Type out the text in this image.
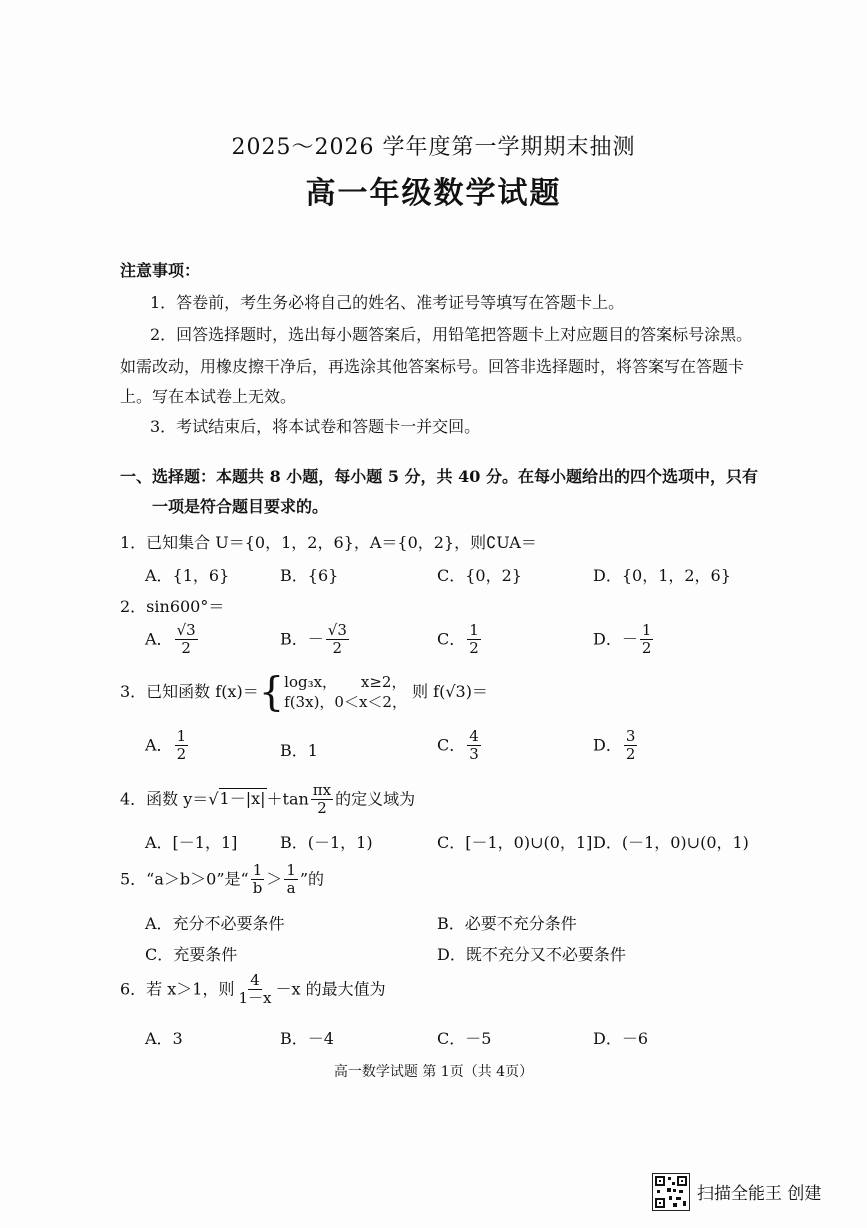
2025～2026 学年度第一学期期末抽测
高一年级数学试题
注意事项：
1．答卷前，考生务必将自己的姓名、准考证号等填写在答题卡上。
2．回答选择题时，选出每小题答案后，用铅笔把答题卡上对应题目的答案标号涂黑。
如需改动，用橡皮擦干净后，再选涂其他答案标号。回答非选择题时，将答案写在答题卡
上。写在本试卷上无效。
3．考试结束后，将本试卷和答题卡一并交回。
一、选择题：本题共 8 小题，每小题 5 分，共 40 分。在每小题给出的四个选项中，只有
一项是符合题目要求的。
1．已知集合 U＝{0，1，2，6}，A＝{0，2}，则∁UA＝
A．{1，6}	B．{6}	C．{0，2}	D．{0，1，2，6}
2．sin600°＝
A． $\frac{√3}{2}$	B．－ $\frac{√3}{2}$	C． $\frac{1}{2}$	D．－ $\frac{1}{2}$
3．已知函数 f(x)＝{ log₃x， x≥2，
f(3x)，0＜x＜2，
则 f(√3)＝
A． $\frac{1}{2}$	B．1	C． $\frac{4}{3}$	D． $\frac{3}{2}$
4．函数 $y=√1-|x|+\tan \frac{\pi x}{2}$ 的定义域为
A．[－1，1]	B．(－1，1)	C．[－1，0)∪(0，1] D．(－1，0)∪(0，1)
5．“a＞b＞0”是“ $\frac{1}{b} > \frac{1}{a}$ ”的
A．充分不必要条件	B．必要不充分条件
C．充要条件	D．既不充分又不必要条件
6．若 x＞1，则 $\frac{4}{1-x} -x$ 的最大值为
A．3	B．－4	C．－5	D．－6
高一数学试题 第 1页（共 4页）
扫描全能王 创建
